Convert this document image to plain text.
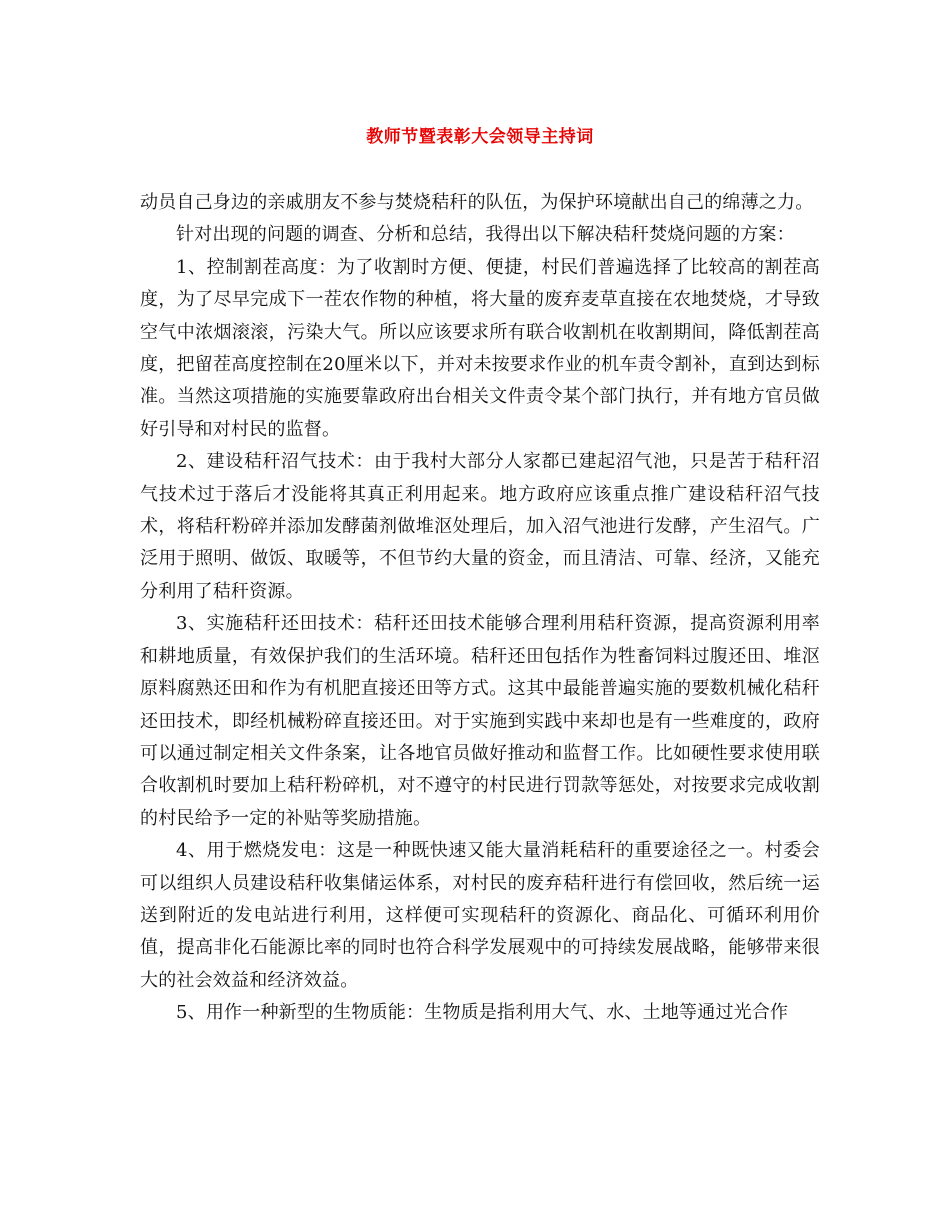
教师节暨表彰大会领导主持词

动员自己身边的亲戚朋友不参与焚烧秸秆的队伍，为保护环境献出自己的绵薄之力。

针对出现的问题的调查、分析和总结，我得出以下解决秸秆焚烧问题的方案：

1、控制割茬高度：为了收割时方便、便捷，村民们普遍选择了比较高的割茬高度，为了尽早完成下一茬农作物的种植，将大量的废弃麦草直接在农地焚烧，才导致空气中浓烟滚滚，污染大气。所以应该要求所有联合收割机在收割期间，降低割茬高度，把留茬高度控制在20厘米以下，并对未按要求作业的机车责令割补，直到达到标准。当然这项措施的实施要靠政府出台相关文件责令某个部门执行，并有地方官员做好引导和对村民的监督。

2、建设秸秆沼气技术：由于我村大部分人家都已建起沼气池，只是苦于秸秆沼气技术过于落后才没能将其真正利用起来。地方政府应该重点推广建设秸秆沼气技术，将秸秆粉碎并添加发酵菌剂做堆沤处理后，加入沼气池进行发酵，产生沼气。广泛用于照明、做饭、取暖等，不但节约大量的资金，而且清洁、可靠、经济，又能充分利用了秸秆资源。

3、实施秸秆还田技术：秸秆还田技术能够合理利用秸秆资源，提高资源利用率和耕地质量，有效保护我们的生活环境。秸秆还田包括作为牲畜饲料过腹还田、堆沤原料腐熟还田和作为有机肥直接还田等方式。这其中最能普遍实施的要数机械化秸秆还田技术，即经机械粉碎直接还田。对于实施到实践中来却也是有一些难度的，政府可以通过制定相关文件条案，让各地官员做好推动和监督工作。比如硬性要求使用联合收割机时要加上秸秆粉碎机，对不遵守的村民进行罚款等惩处，对按要求完成收割的村民给予一定的补贴等奖励措施。

4、用于燃烧发电：这是一种既快速又能大量消耗秸秆的重要途径之一。村委会可以组织人员建设秸秆收集储运体系，对村民的废弃秸秆进行有偿回收，然后统一运送到附近的发电站进行利用，这样便可实现秸秆的资源化、商品化、可循环利用价值，提高非化石能源比率的同时也符合科学发展观中的可持续发展战略，能够带来很大的社会效益和经济效益。

5、用作一种新型的生物质能：生物质是指利用大气、水、土地等通过光合作
